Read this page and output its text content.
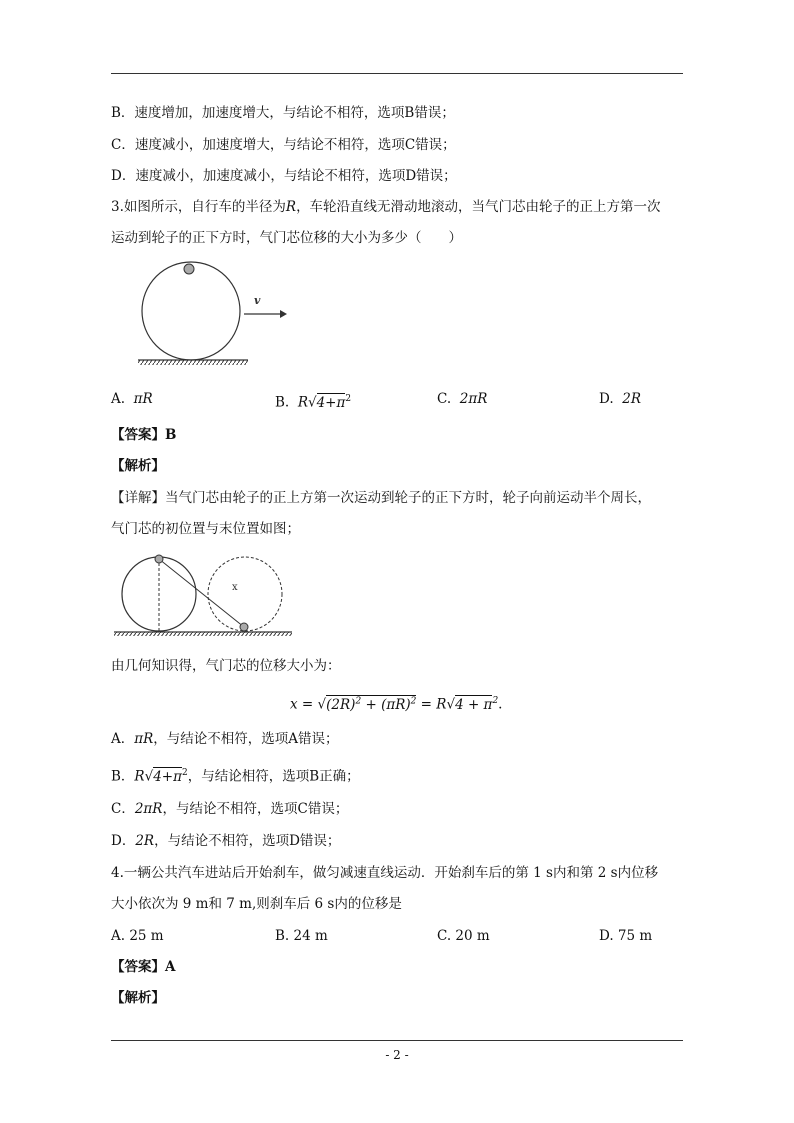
B．速度增加，加速度增大，与结论不相符，选项B错误；
C．速度减小，加速度增大，与结论不相符，选项C错误；
D．速度减小，加速度减小，与结论不相符，选项D错误；
3.如图所示，自行车的半径为R，车轮沿直线无滑动地滚动，当气门芯由轮子的正上方第一次
运动到轮子的正下方时，气门芯位移的大小为多少（　　）
v
A. πR	B. $R√4+\pi^2$	C. 2πR	D. 2R
【答案】B
【解析】
【详解】当气门芯由轮子的正上方第一次运动到轮子的正下方时，轮子向前运动半个周长，
气门芯的初位置与末位置如图；
x
由几何知识得，气门芯的位移大小为：
$x = √(2R)^2 + (\pi R)^2 = R√4 + \pi^2$.
A．πR，与结论不相符，选项A错误；
B．$R√4+\pi^2$，与结论相符，选项B正确；
C．2πR，与结论不相符，选项C错误；
D．2R，与结论不相符，选项D错误；
4.一辆公共汽车进站后开始刹车，做匀减速直线运动．开始刹车后的第 1 s内和第 2 s内位移
大小依次为 9 m和 7 m,则刹车后 6 s内的位移是
A. 25 m	B. 24 m	C. 20 m	D. 75 m
【答案】A
【解析】
- 2 -
